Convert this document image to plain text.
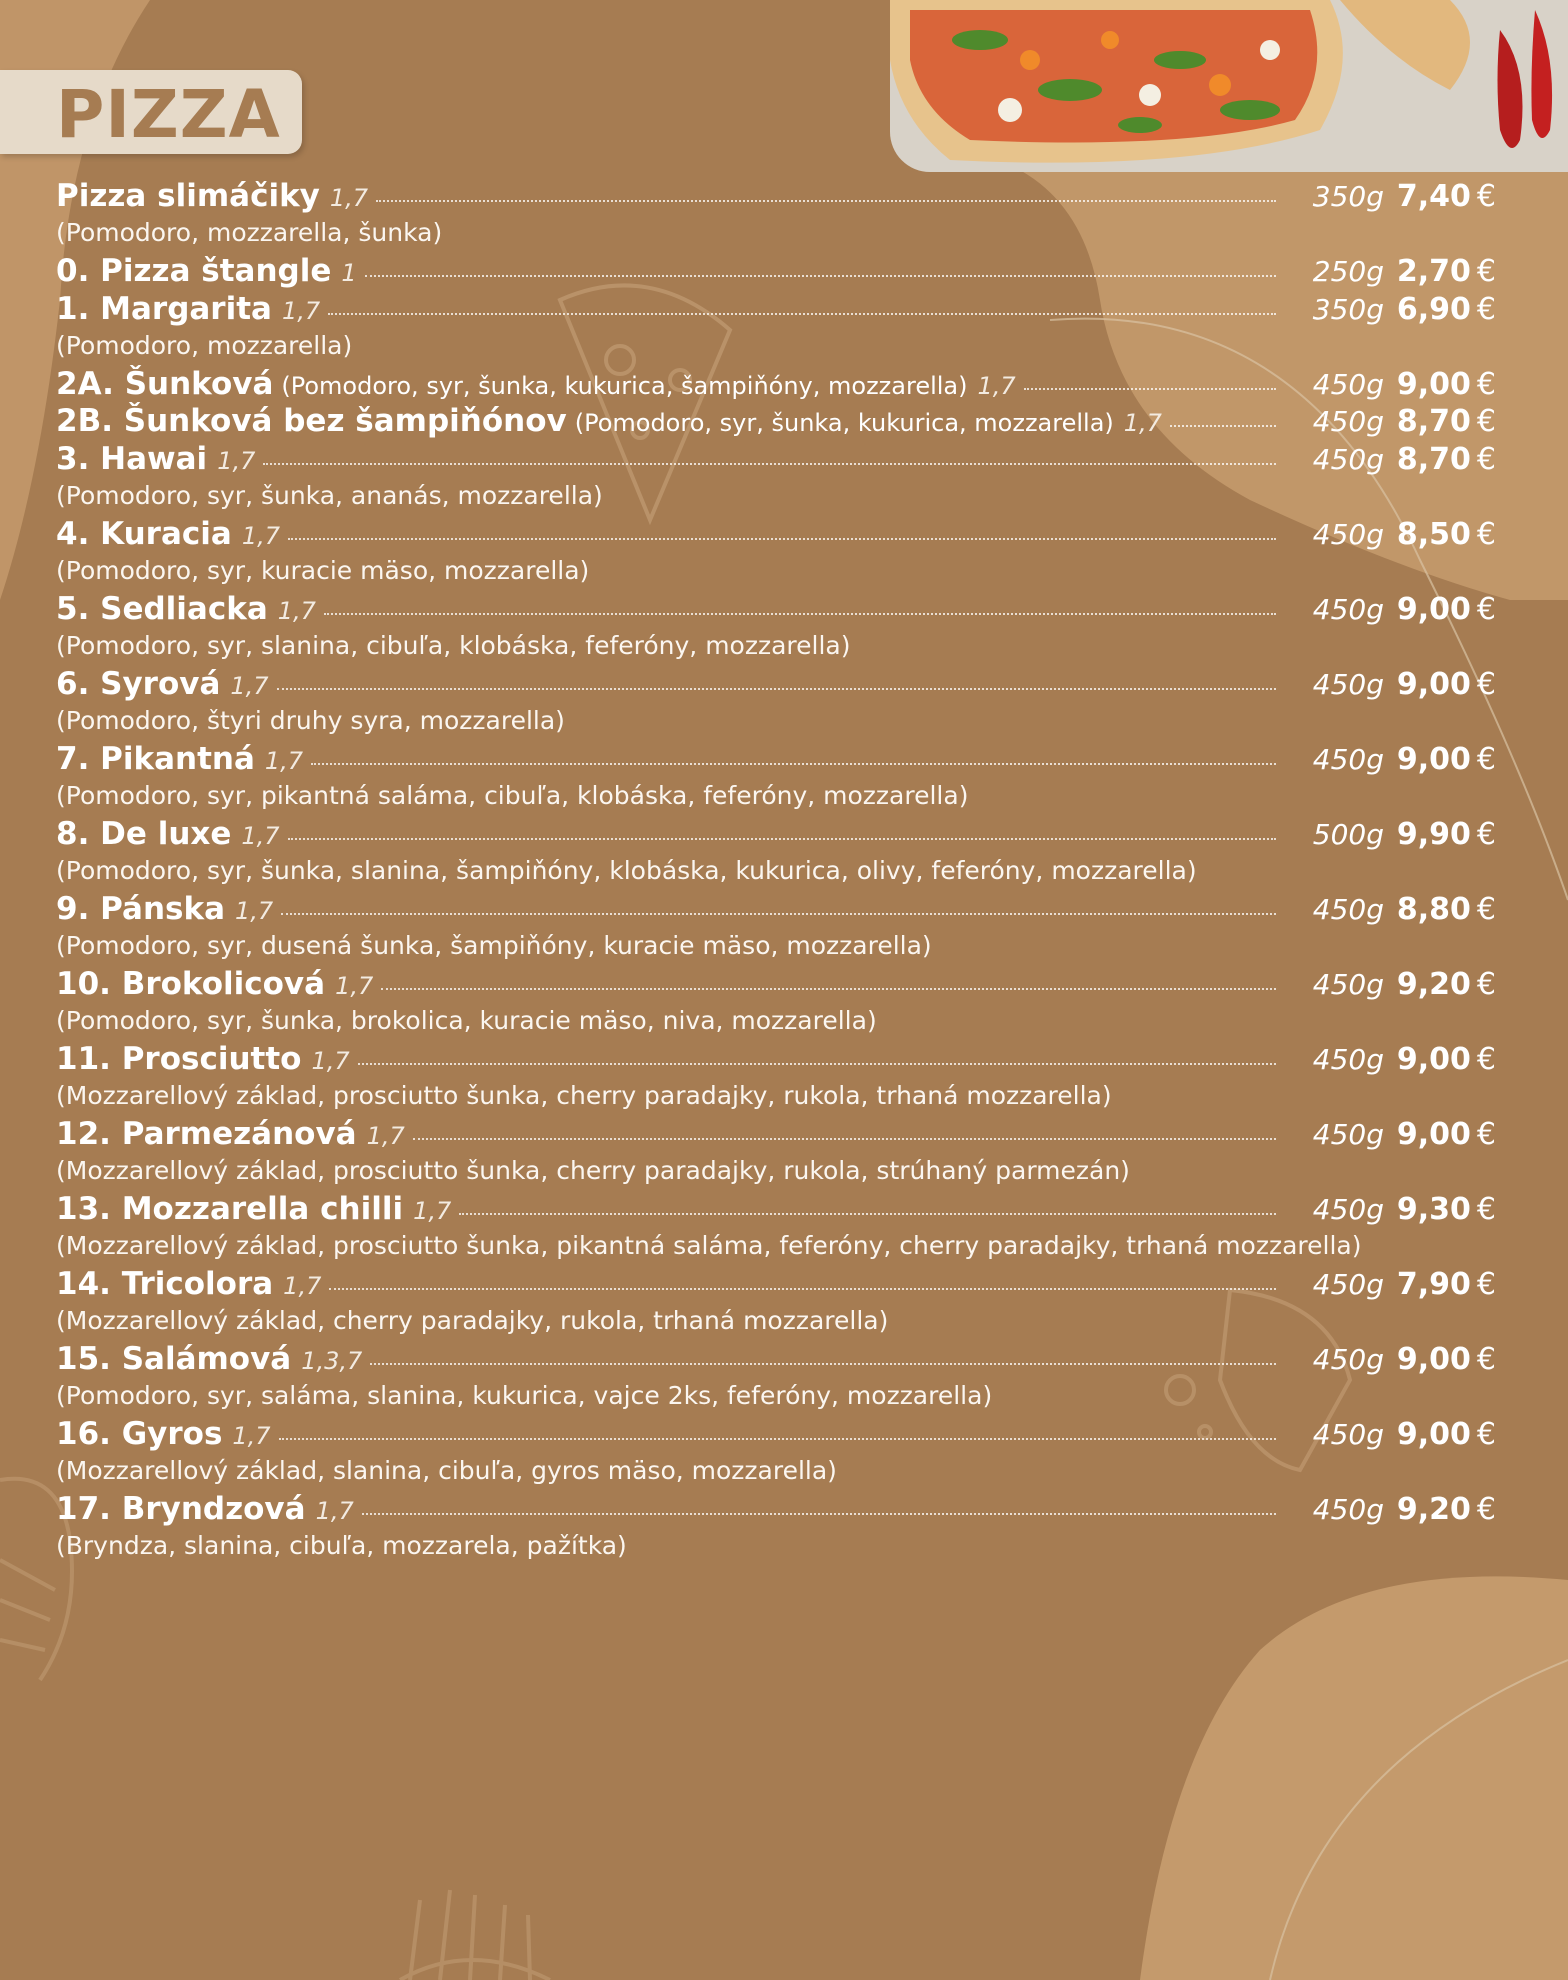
PIZZA
Pizza slimáčiky 1,7	350g 7,40 €
(Pomodoro, mozzarella, šunka)
0. Pizza štangle 1	250g 2,70 €
1. Margarita 1,7	350g 6,90 €
(Pomodoro, mozzarella)
2A. Šunková (Pomodoro, syr, šunka, kukurica, šampiňóny, mozzarella) 1,7	450g 9,00 €
2B. Šunková bez šampiňónov (Pomodoro, syr, šunka, kukurica, mozzarella) 1,7	450g 8,70 €
3. Hawai 1,7	450g 8,70 €
(Pomodoro, syr, šunka, ananás, mozzarella)
4. Kuracia 1,7	450g 8,50 €
(Pomodoro, syr, kuracie mäso, mozzarella)
5. Sedliacka 1,7	450g 9,00 €
(Pomodoro, syr, slanina, cibuľa, klobáska, feferóny, mozzarella)
6. Syrová 1,7	450g 9,00 €
(Pomodoro, štyri druhy syra, mozzarella)
7. Pikantná 1,7	450g 9,00 €
(Pomodoro, syr, pikantná saláma, cibuľa, klobáska, feferóny, mozzarella)
8. De luxe 1,7	500g 9,90 €
(Pomodoro, syr, šunka, slanina, šampiňóny, klobáska, kukurica, olivy, feferóny, mozzarella)
9. Pánska 1,7	450g 8,80 €
(Pomodoro, syr, dusená šunka, šampiňóny, kuracie mäso, mozzarella)
10. Brokolicová 1,7	450g 9,20 €
(Pomodoro, syr, šunka, brokolica, kuracie mäso, niva, mozzarella)
11. Prosciutto 1,7	450g 9,00 €
(Mozzarellový základ, prosciutto šunka, cherry paradajky, rukola, trhaná mozzarella)
12. Parmezánová 1,7	450g 9,00 €
(Mozzarellový základ, prosciutto šunka, cherry paradajky, rukola, strúhaný parmezán)
13. Mozzarella chilli 1,7	450g 9,30 €
(Mozzarellový základ, prosciutto šunka, pikantná saláma, feferóny, cherry paradajky, trhaná mozzarella)
14. Tricolora 1,7	450g 7,90 €
(Mozzarellový základ, cherry paradajky, rukola, trhaná mozzarella)
15. Salámová 1,3,7	450g 9,00 €
(Pomodoro, syr, saláma, slanina, kukurica, vajce 2ks, feferóny, mozzarella)
16. Gyros 1,7	450g 9,00 €
(Mozzarellový základ, slanina, cibuľa, gyros mäso, mozzarella)
17. Bryndzová 1,7	450g 9,20 €
(Bryndza, slanina, cibuľa, mozzarela, pažítka)
